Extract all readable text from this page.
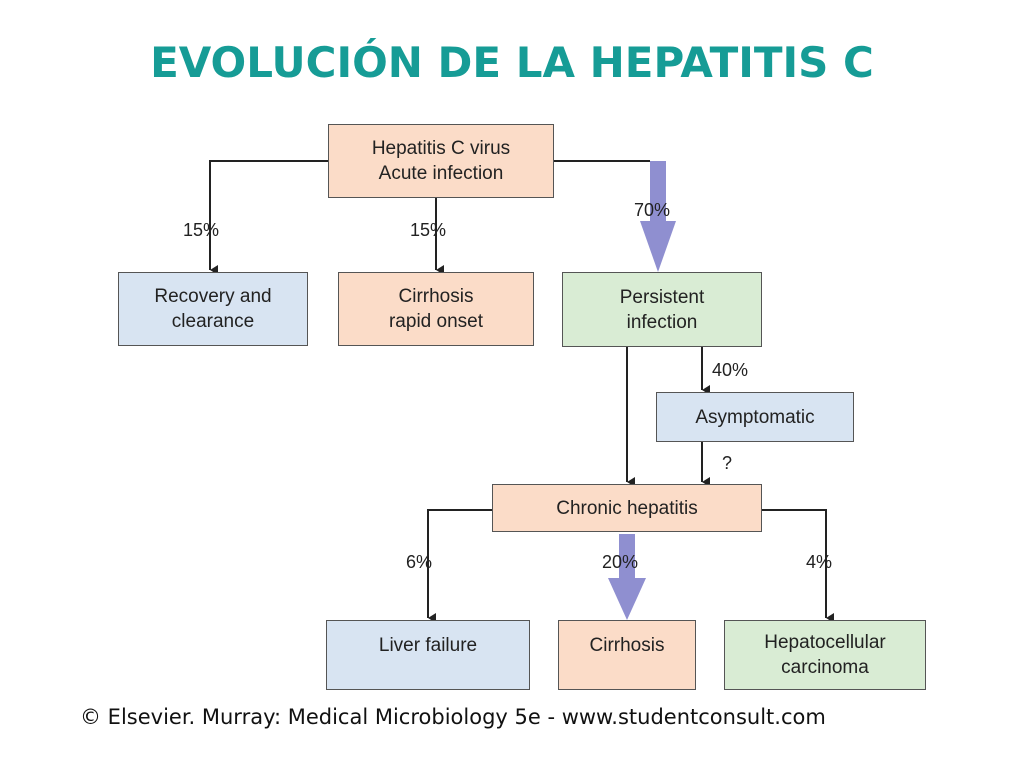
EVOLUCIÓN DE LA HEPATITIS C
Hepatitis C virus
Acute infection
Recovery and
clearance
Cirrhosis
rapid onset
Persistent
infection
Asymptomatic
Chronic hepatitis
Liver failure	Cirrhosis	Hepatocellular
carcinoma
15%	15%
70%
40%
?
6%	20%	4%
© Elsevier. Murray: Medical Microbiology 5e - www.studentconsult.com
